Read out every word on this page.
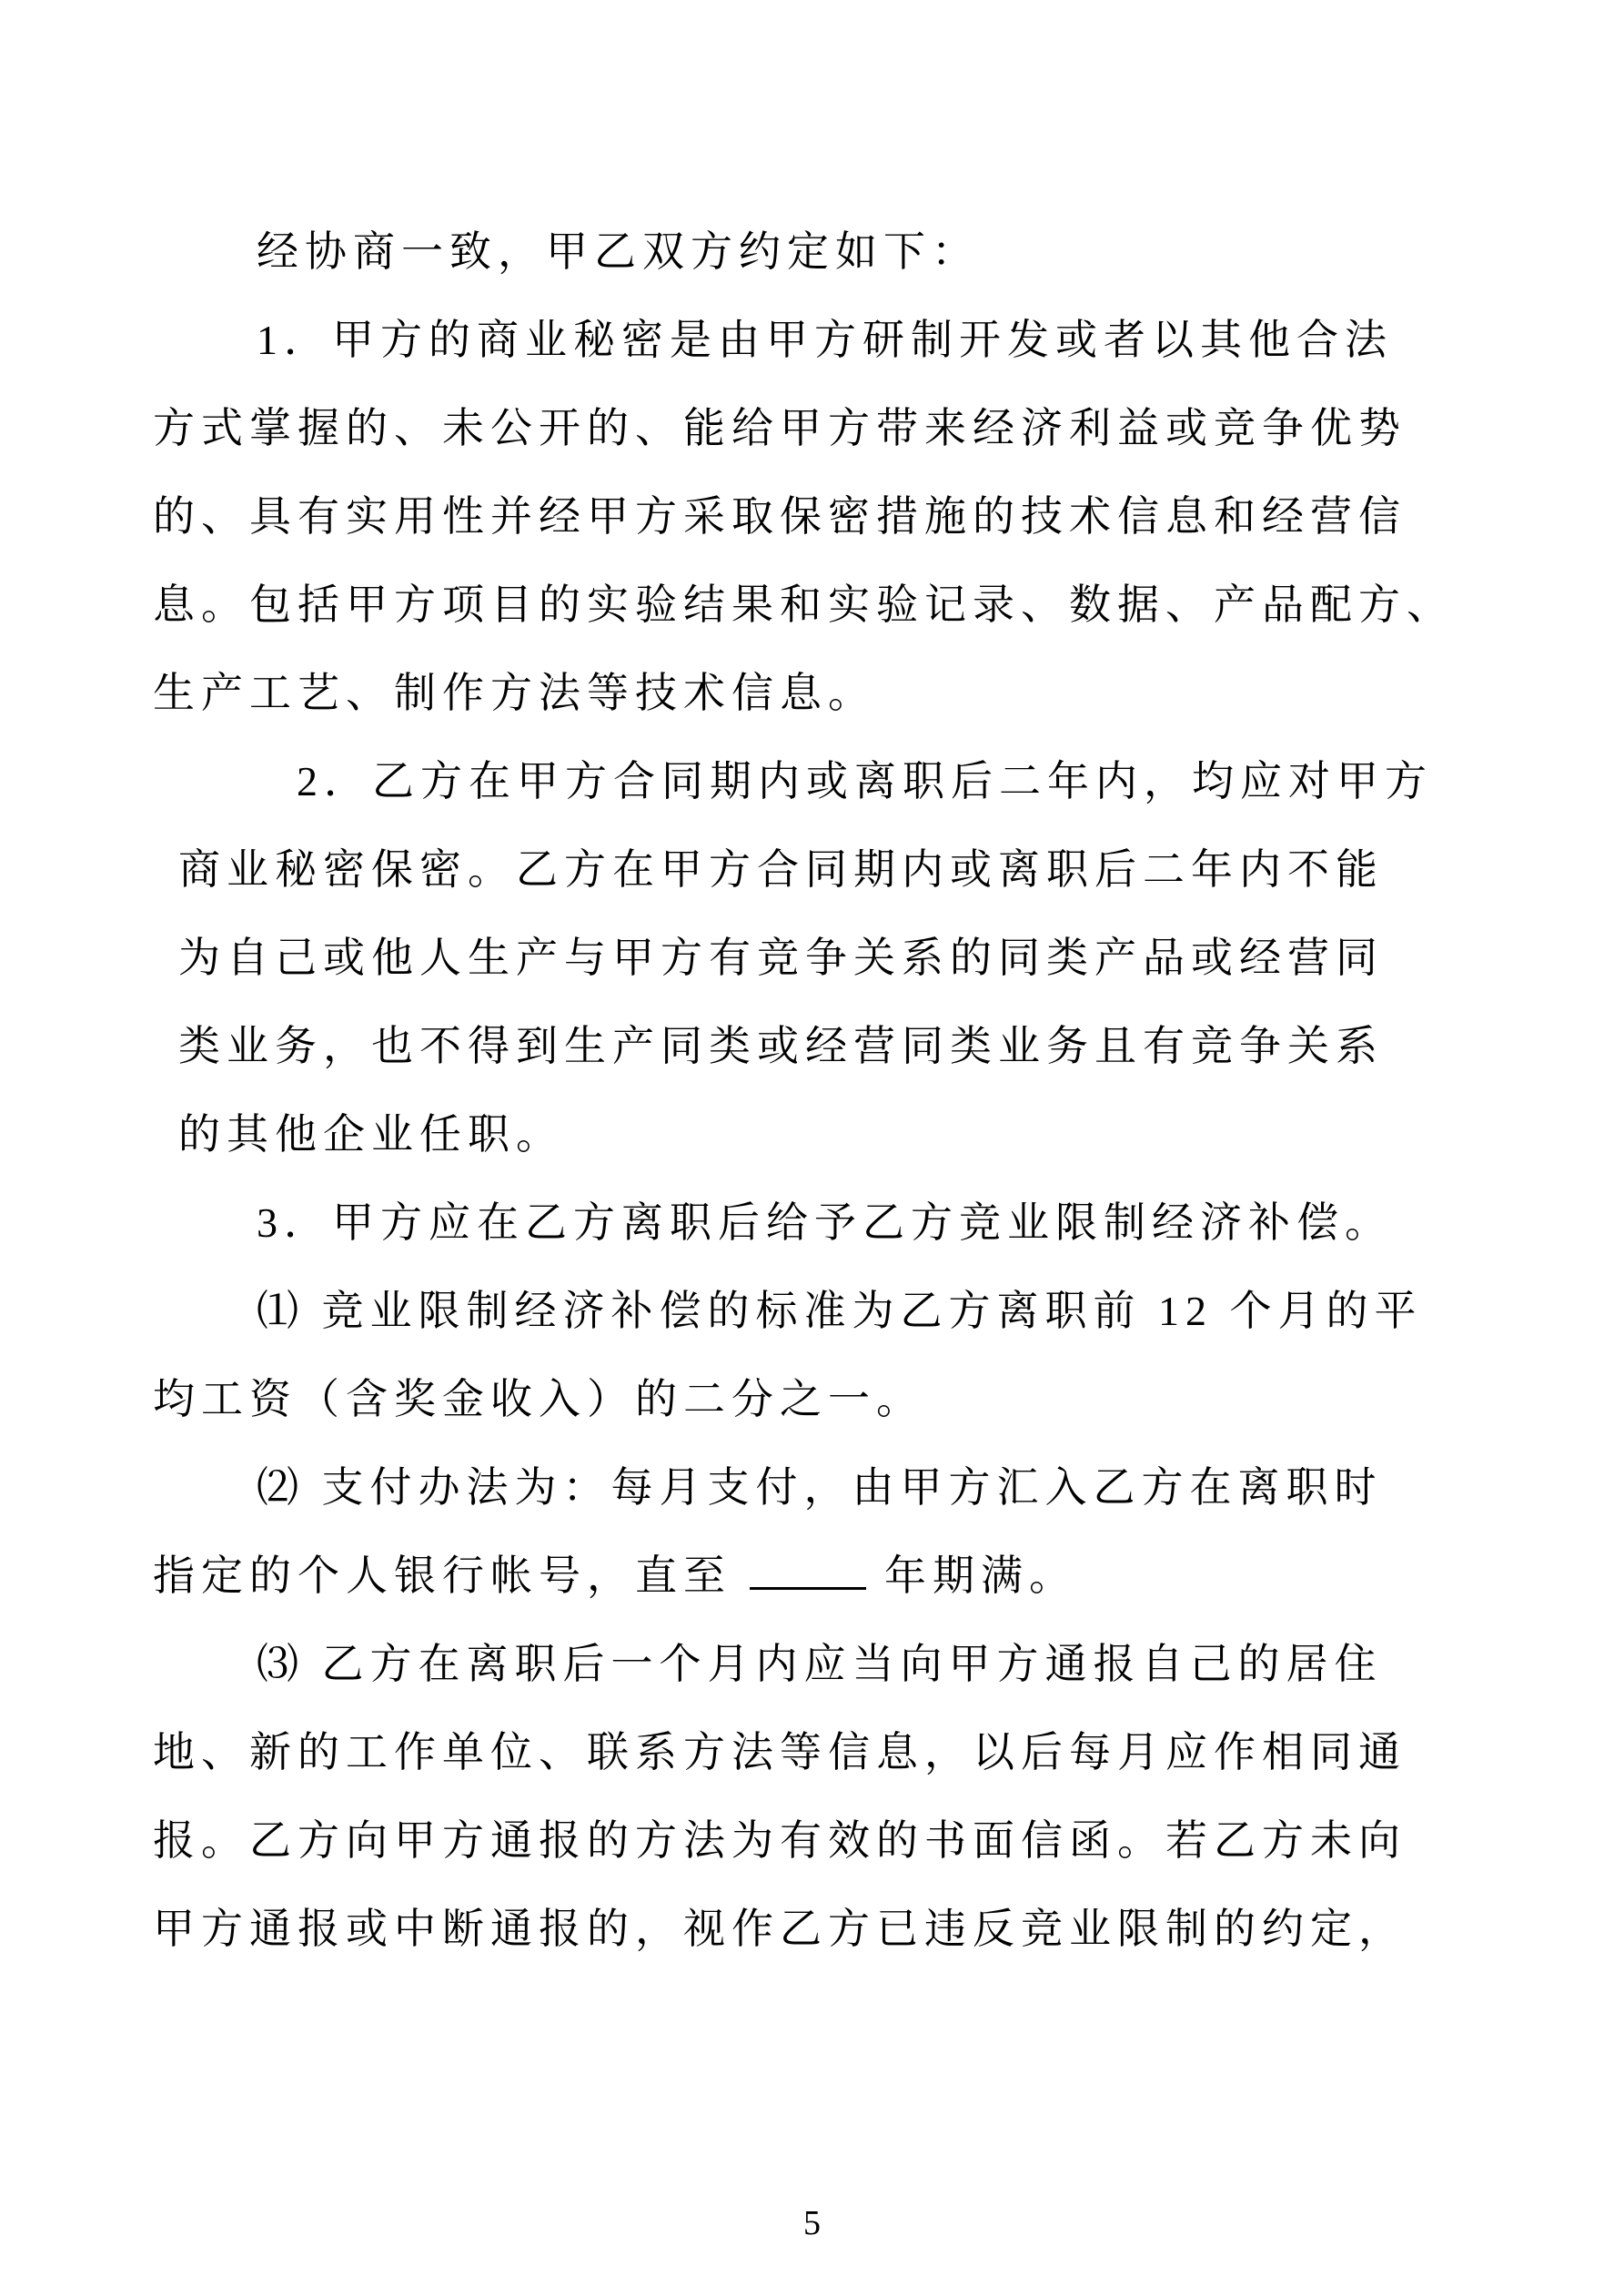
经协商一致，甲乙双方约定如下：
1．甲方的商业秘密是由甲方研制开发或者以其他合法
方式掌握的、未公开的、能给甲方带来经济利益或竞争优势
的、具有实用性并经甲方采取保密措施的技术信息和经营信
息。包括甲方项目的实验结果和实验记录、数据、产品配方、
生产工艺、制作方法等技术信息。
2．乙方在甲方合同期内或离职后二年内，均应对甲方
商业秘密保密。乙方在甲方合同期内或离职后二年内不能
为自己或他人生产与甲方有竞争关系的同类产品或经营同
类业务，也不得到生产同类或经营同类业务且有竞争关系
的其他企业任职。
3．甲方应在乙方离职后给予乙方竞业限制经济补偿。
⑴ 竞业限制经济补偿的标准为乙方离职前 12 个月的平
均工资（含奖金收入）的二分之一。
⑵ 支付办法为：每月支付，由甲方汇入乙方在离职时
指定的个人银行帐号，直至	年期满。
⑶ 乙方在离职后一个月内应当向甲方通报自己的居住
地、新的工作单位、联系方法等信息，以后每月应作相同通
报。乙方向甲方通报的方法为有效的书面信函。若乙方未向
甲方通报或中断通报的，视作乙方已违反竞业限制的约定，
5
